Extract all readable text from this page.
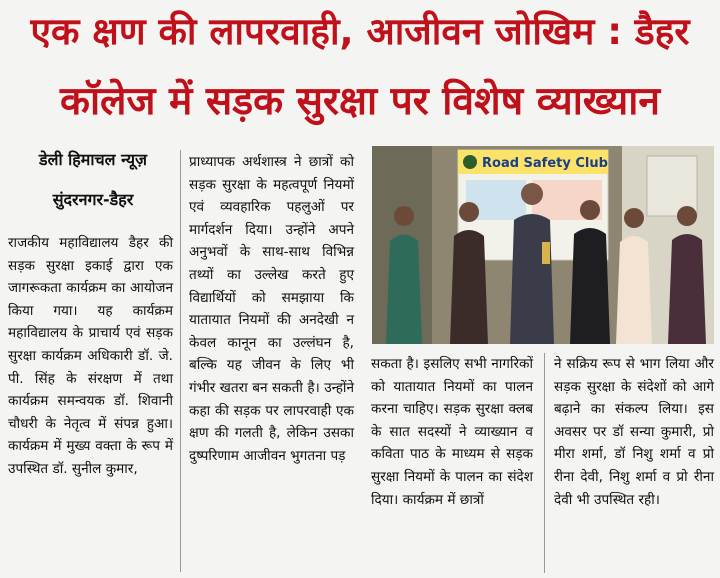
एक क्षण की लापरवाही, आजीवन जोखिम : डैहर
कॉलेज में सड़क सुरक्षा पर विशेष व्याख्यान
डेली हिमाचल न्यूज़
सुंदरनगर-डैहर

राजकीय महाविद्यालय डैहर की सड़क सुरक्षा इकाई द्वारा एक जागरूकता कार्यक्रम का आयोजन किया गया। यह कार्यक्रम महाविद्यालय के प्राचार्य एवं सड़क सुरक्षा कार्यक्रम अधिकारी डॉ. जे. पी. सिंह के संरक्षण में तथा कार्यक्रम समन्वयक डॉ. शिवानी चौधरी के नेतृत्व में संपन्न हुआ। कार्यक्रम में मुख्य वक्ता के रूप में उपस्थित डॉ. सुनील कुमार,

प्राध्यापक अर्थशास्त्र ने छात्रों को सड़क सुरक्षा के महत्वपूर्ण नियमों एवं व्यवहारिक पहलुओं पर मार्गदर्शन दिया। उन्होंने अपने अनुभवों के साथ-साथ विभिन्न तथ्यों का उल्लेख करते हुए विद्यार्थियों को समझाया कि यातायात नियमों की अनदेखी न केवल कानून का उल्लंघन है, बल्कि यह जीवन के लिए भी गंभीर खतरा बन सकती है। उन्होंने कहा की सड़क पर लापरवाही एक क्षण की गलती है, लेकिन उसका दुष्परिणाम आजीवन भुगतना पड़

सकता है। इसलिए सभी नागरिकों को यातायात नियमों का पालन करना चाहिए। सड़क सुरक्षा क्लब के सात सदस्यों ने व्याख्यान व कविता पाठ के माध्यम से सड़क सुरक्षा नियमों के पालन का संदेश दिया। कार्यक्रम में छात्रों

ने सक्रिय रूप से भाग लिया और सड़क सुरक्षा के संदेशों को आगे बढ़ाने का संकल्प लिया। इस अवसर पर डॉ सन्या कुमारी, प्रो मीरा शर्मा, डॉ निशु शर्मा व प्रो रीना देवी, निशु शर्मा व प्रो रीना देवी भी उपस्थित रही।

Road Safety Club
